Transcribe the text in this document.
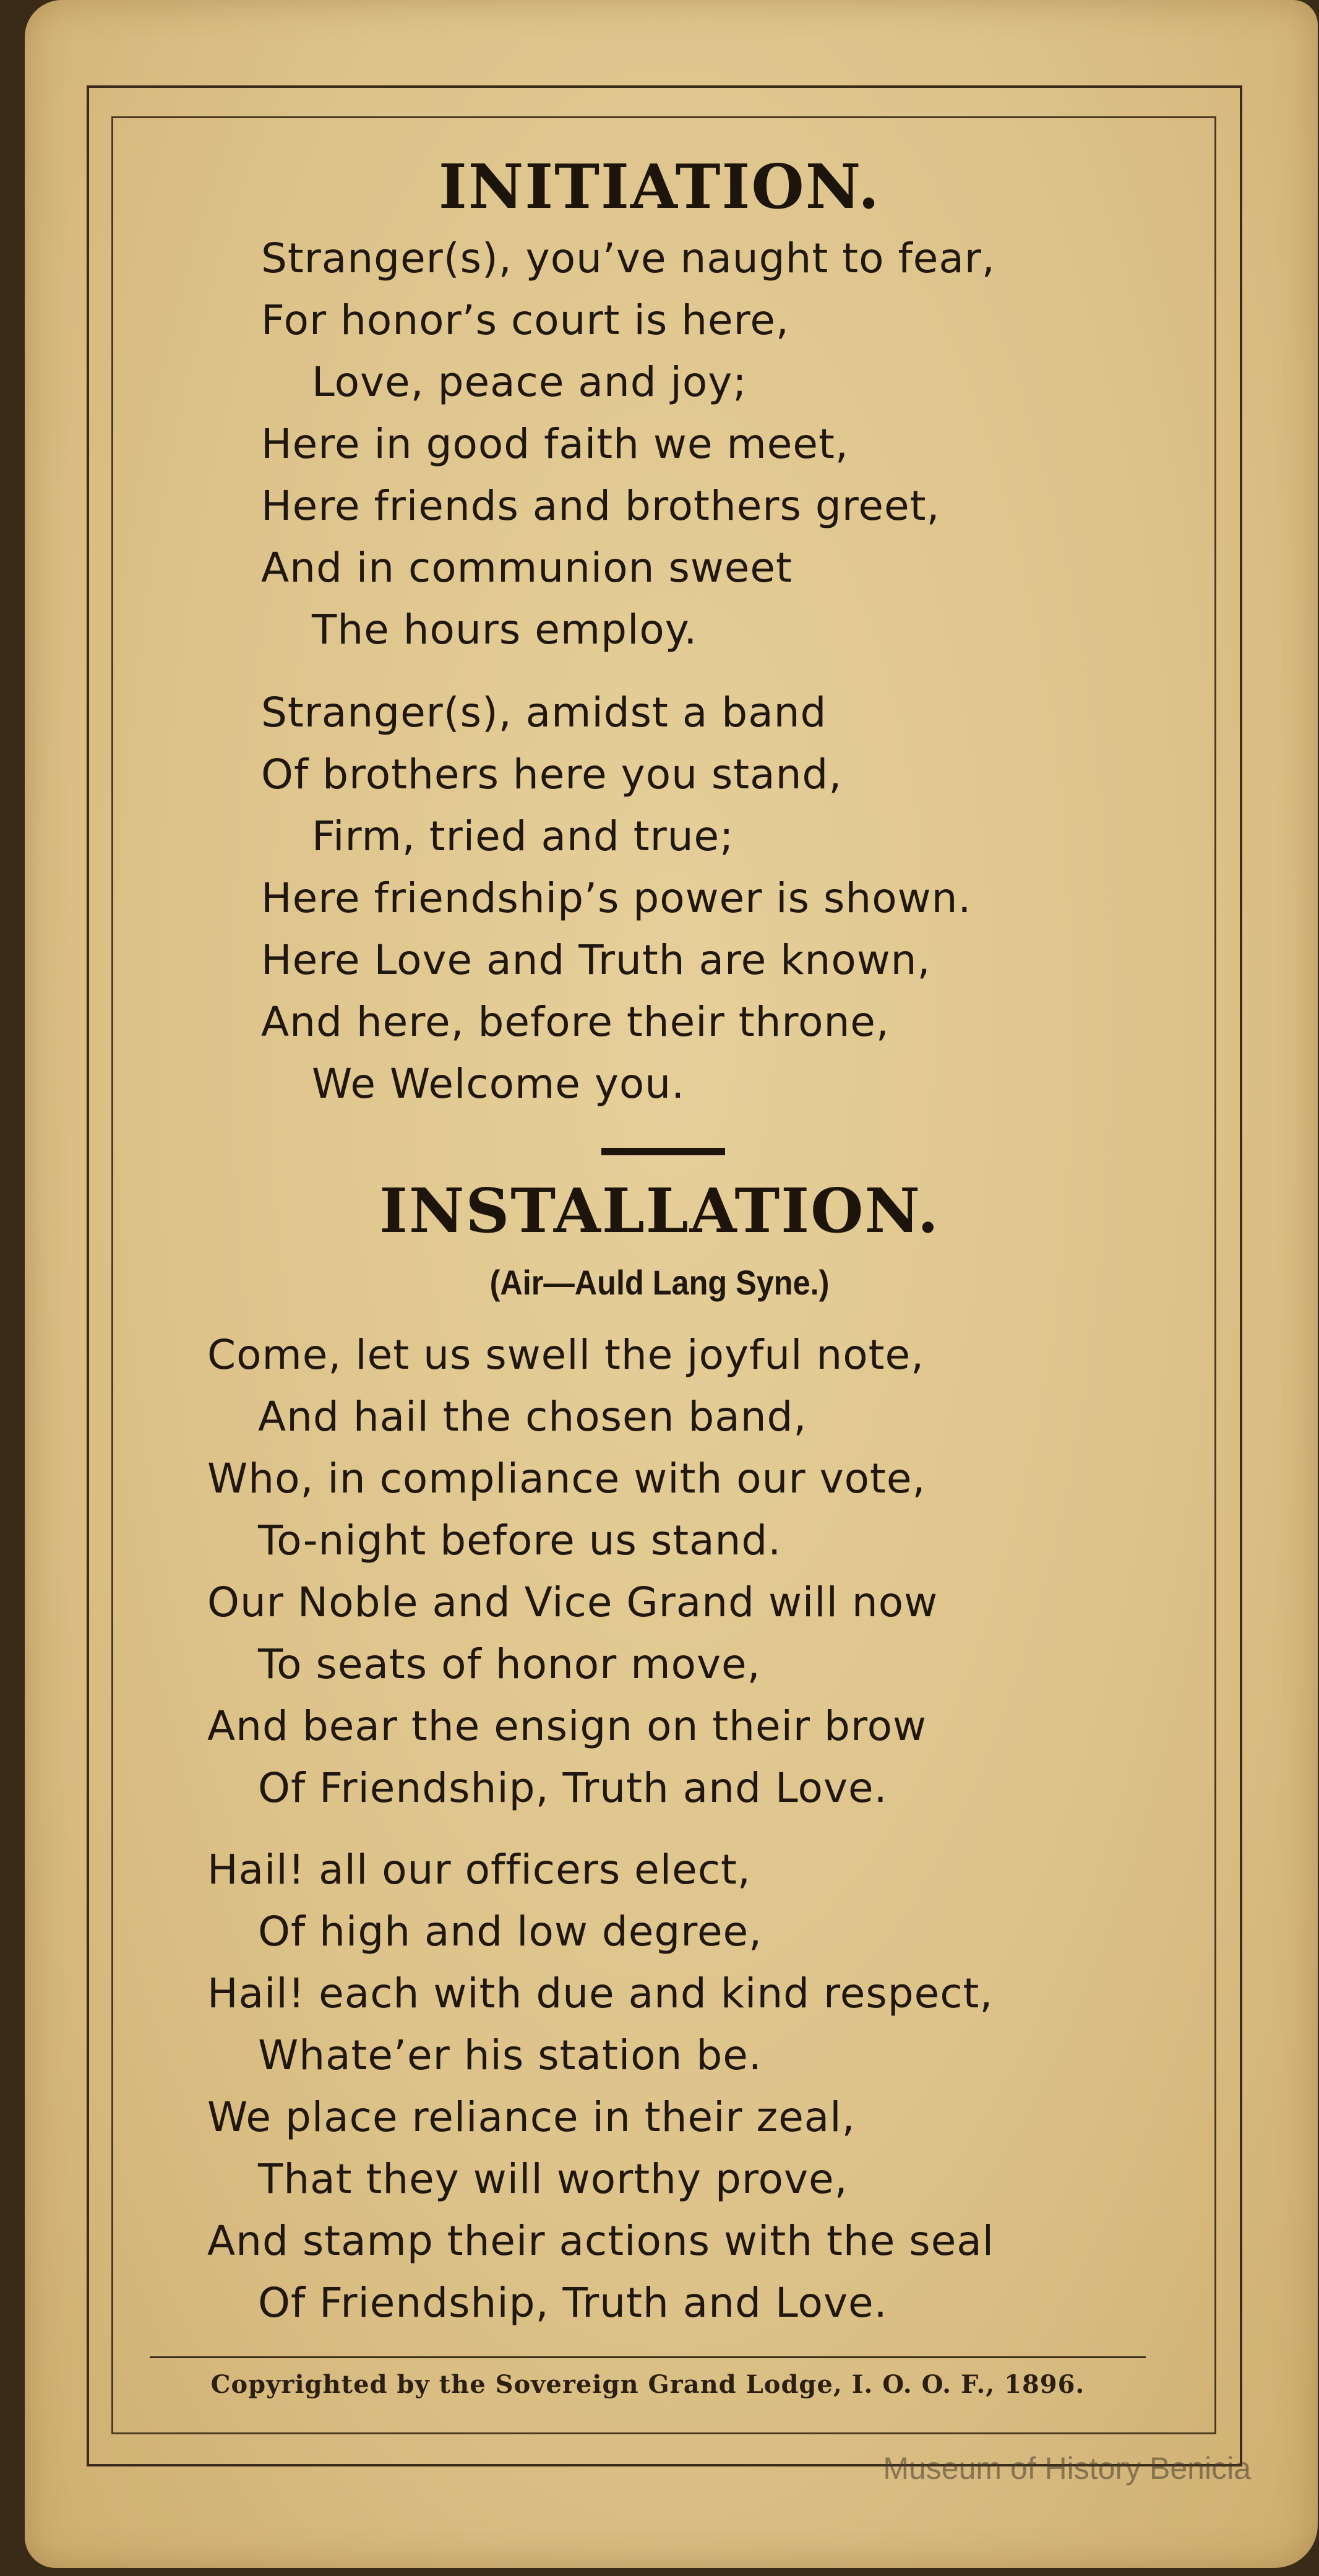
INITIATION.
Stranger(s), you’ve naught to fear,
For honor’s court is here,
Love, peace and joy;
Here in good faith we meet,
Here friends and brothers greet,
And in communion sweet
The hours employ.
Stranger(s), amidst a band
Of brothers here you stand,
Firm, tried and true;
Here friendship’s power is shown.
Here Love and Truth are known,
And here, before their throne,
We Welcome you.
INSTALLATION.
(Air—Auld Lang Syne.)
Come, let us swell the joyful note,
And hail the chosen band,
Who, in compliance with our vote,
To-night before us stand.
Our Noble and Vice Grand will now
To seats of honor move,
And bear the ensign on their brow
Of Friendship, Truth and Love.
Hail! all our officers elect,
Of high and low degree,
Hail! each with due and kind respect,
Whate’er his station be.
We place reliance in their zeal,
That they will worthy prove,
And stamp their actions with the seal
Of Friendship, Truth and Love.
Copyrighted by the Sovereign Grand Lodge, I. O. O. F., 1896.
Museum of History Benicia
